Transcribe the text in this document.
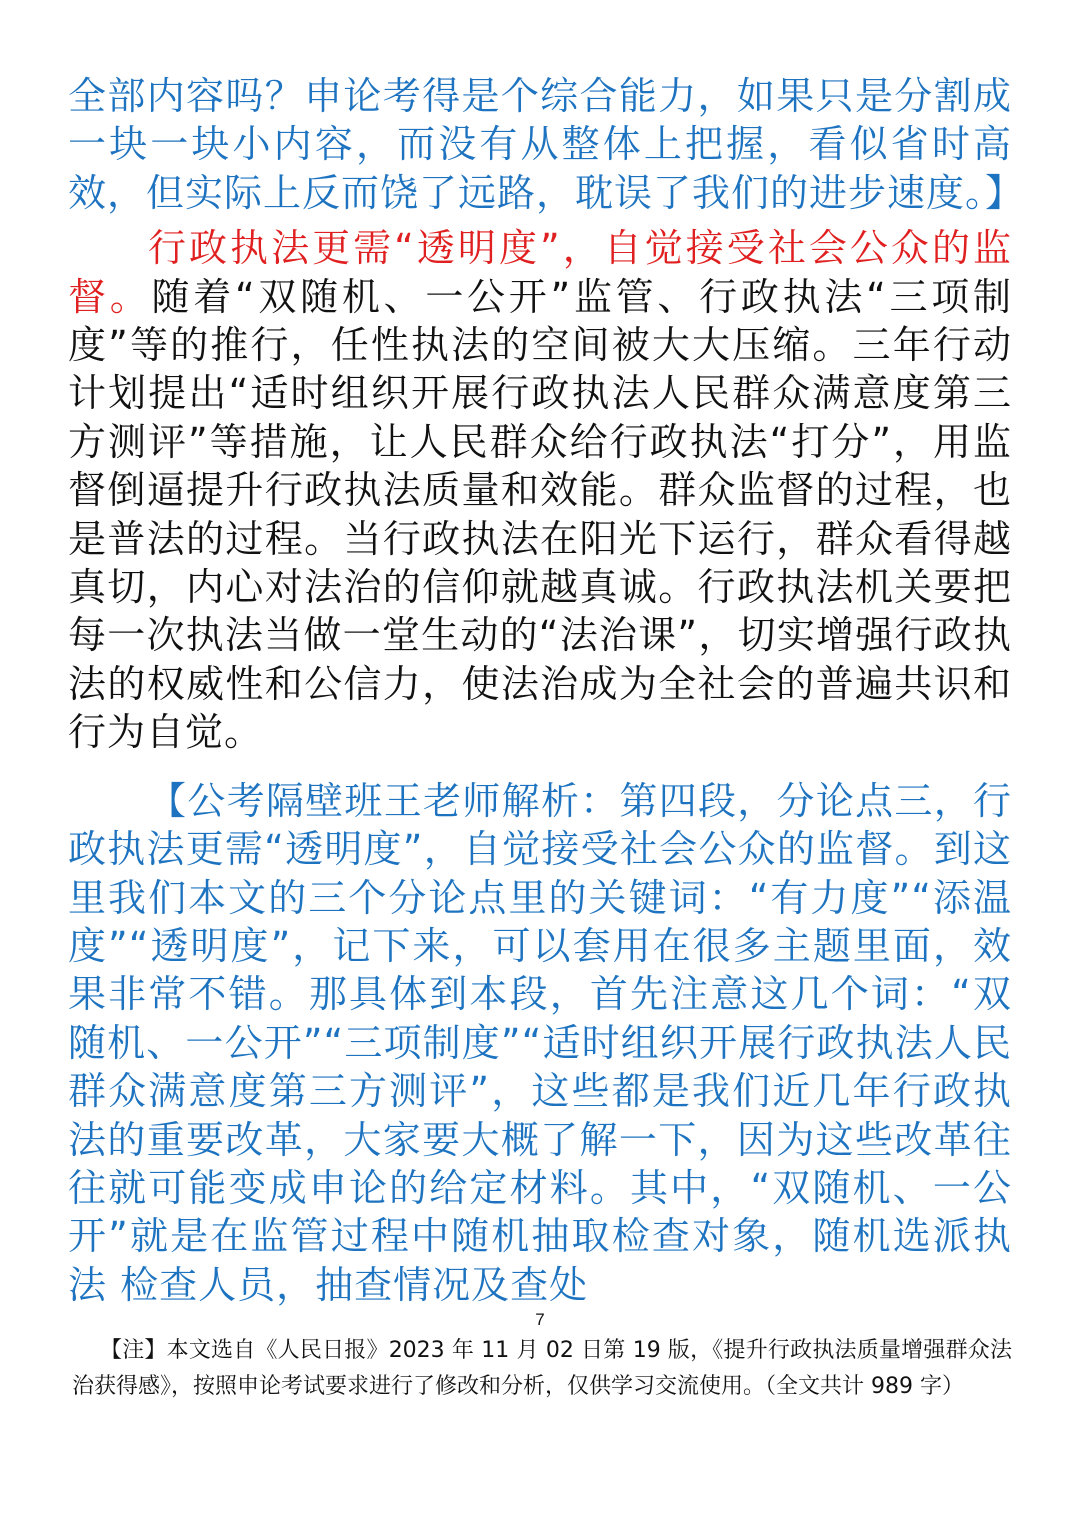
全部内容吗？申论考得是个综合能力，如果只是分割成一块一块小内容，而没有从整体上把握，看似省时高效，但实际上反而饶了远路，耽误了我们的进步速度。】

行政执法更需“透明度”，自觉接受社会公众的监督。随着“双随机、一公开”监管、行政执法“三项制度”等的推行，任性执法的空间被大大压缩。三年行动计划提出“适时组织开展行政执法人民群众满意度第三方测评”等措施，让人民群众给行政执法“打分”，用监督倒逼提升行政执法质量和效能。群众监督的过程，也是普法的过程。当行政执法在阳光下运行，群众看得越真切，内心对法治的信仰就越真诚。行政执法机关要把每一次执法当做一堂生动的“法治课”，切实增强行政执法的权威性和公信力，使法治成为全社会的普遍共识和行为自觉。

【公考隔壁班王老师解析：第四段，分论点三，行政执法更需“透明度”，自觉接受社会公众的监督。到这里我们本文的三个分论点里的关键词：“有力度”“添温度”“透明度”，记下来，可以套用在很多主题里面，效果非常不错。那具体到本段，首先注意这几个词：“双随机、一公开”“三项制度”“适时组织开展行政执法人民群众满意度第三方测评”，这些都是我们近几年行政执法的重要改革，大家要大概了解一下，因为这些改革往往就可能变成申论的给定材料。其中，“双随机、一公开”就是在监管过程中随机抽取检查对象，随机选派执法 检查人员，抽查情况及查处

7
【注】本文选自《人民日报》2023 年 11 月 02 日第 19 版，《提升行政执法质量增强群众法治获得感》，按照申论考试要求进行了修改和分析，仅供学习交流使用。（全文共计 989 字）
